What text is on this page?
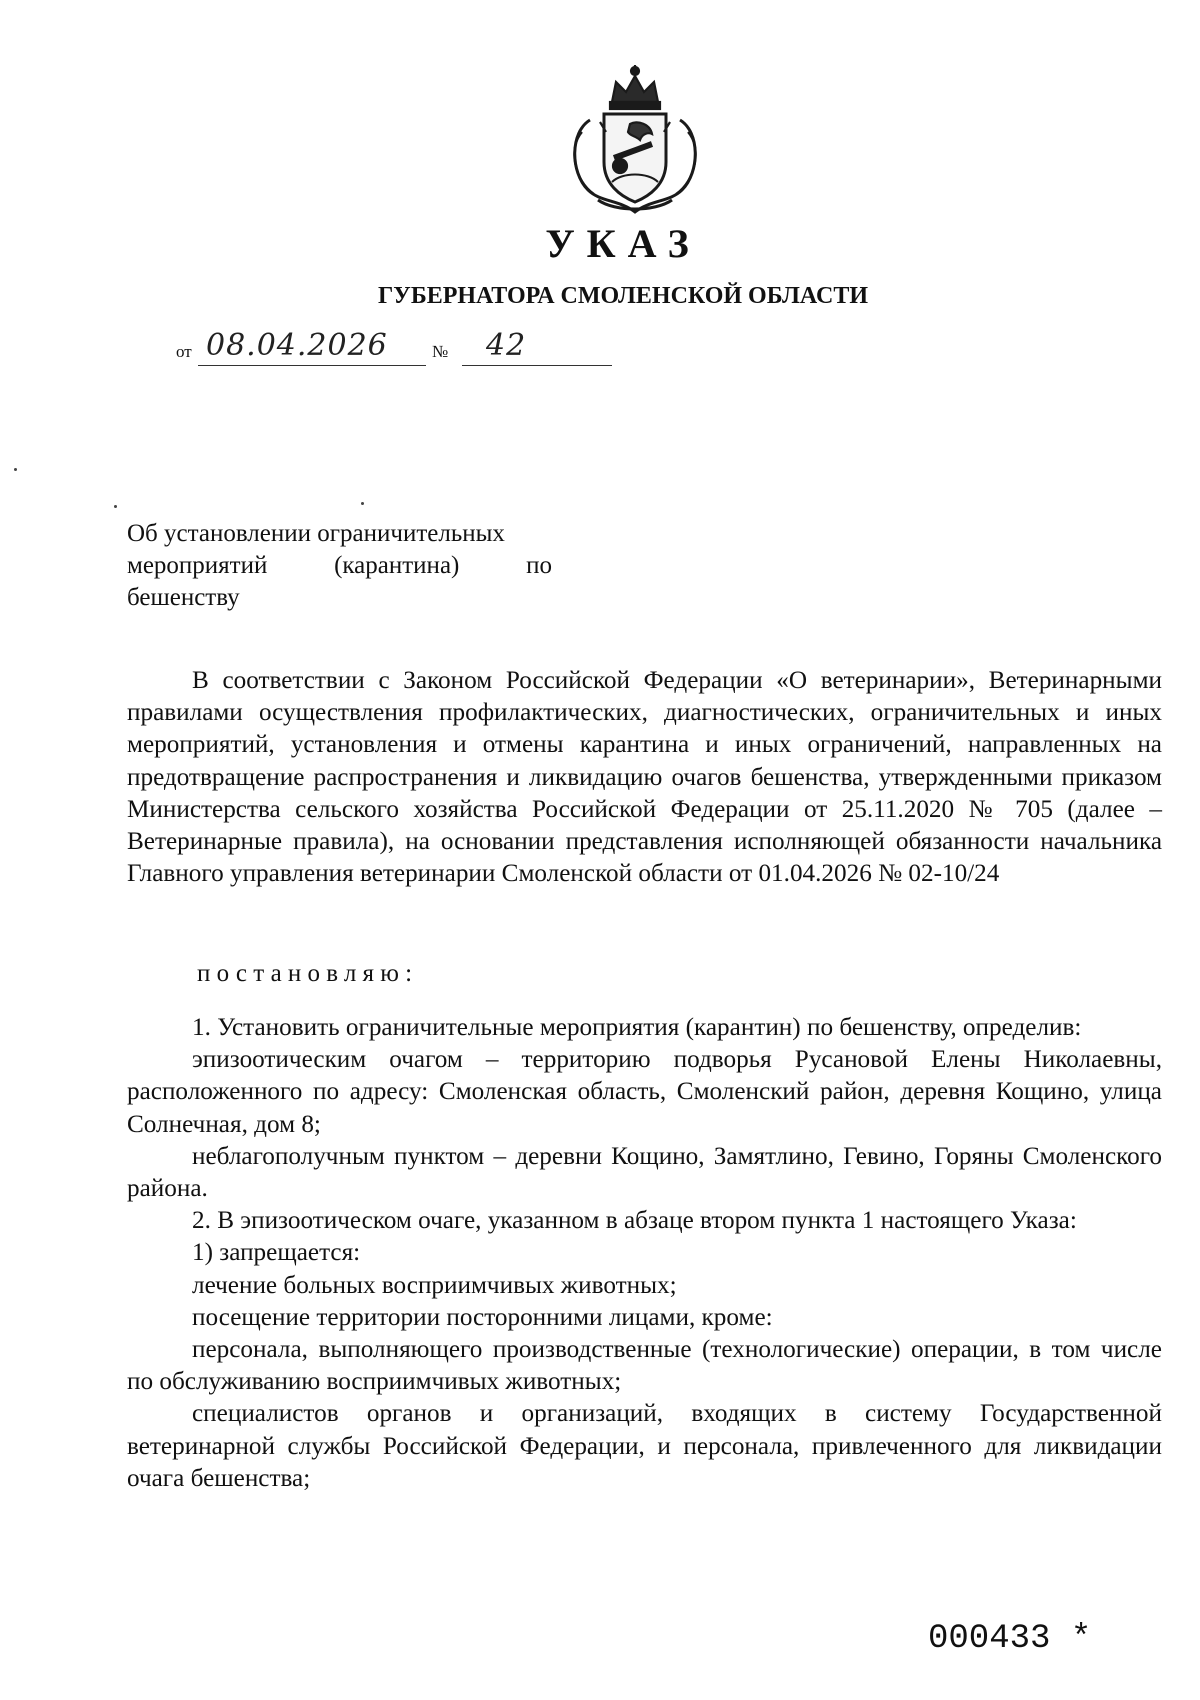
УКАЗ
ГУБЕРНАТОРА СМОЛЕНСКОЙ ОБЛАСТИ
от 08.04.2026	№ 42
Об установлении ограничительных
мероприятий	(карантина)	по
бешенству

В соответствии с Законом Российской Федерации «О ветеринарии», Ветеринарными правилами осуществления профилактических, диагностических, ограничительных и иных мероприятий, установления и отмены карантина и иных ограничений, направленных на предотвращение распространения и ликвидацию очагов бешенства, утвержденными приказом Министерства сельского хозяйства Российской Федерации от 25.11.2020 № 705 (далее – Ветеринарные правила), на основании представления исполняющей обязанности начальника Главного управления ветеринарии Смоленской области от 01.04.2026 № 02-10/24

постановляю:

1. Установить ограничительные мероприятия (карантин) по бешенству, определив:

эпизоотическим очагом – территорию подворья Русановой Елены Николаевны, расположенного по адресу: Смоленская область, Смоленский район, деревня Кощино, улица Солнечная, дом 8;

неблагополучным пунктом – деревни Кощино, Замятлино, Гевино, Горяны Смоленского района.

2. В эпизоотическом очаге, указанном в абзаце втором пункта 1 настоящего Указа:

1) запрещается:

лечение больных восприимчивых животных;

посещение территории посторонними лицами, кроме:

персонала, выполняющего производственные (технологические) операции, в том числе по обслуживанию восприимчивых животных;

специалистов органов и организаций, входящих в систему Государственной ветеринарной службы Российской Федерации, и персонала, привлеченного для ликвидации очага бешенства;

000433 *
